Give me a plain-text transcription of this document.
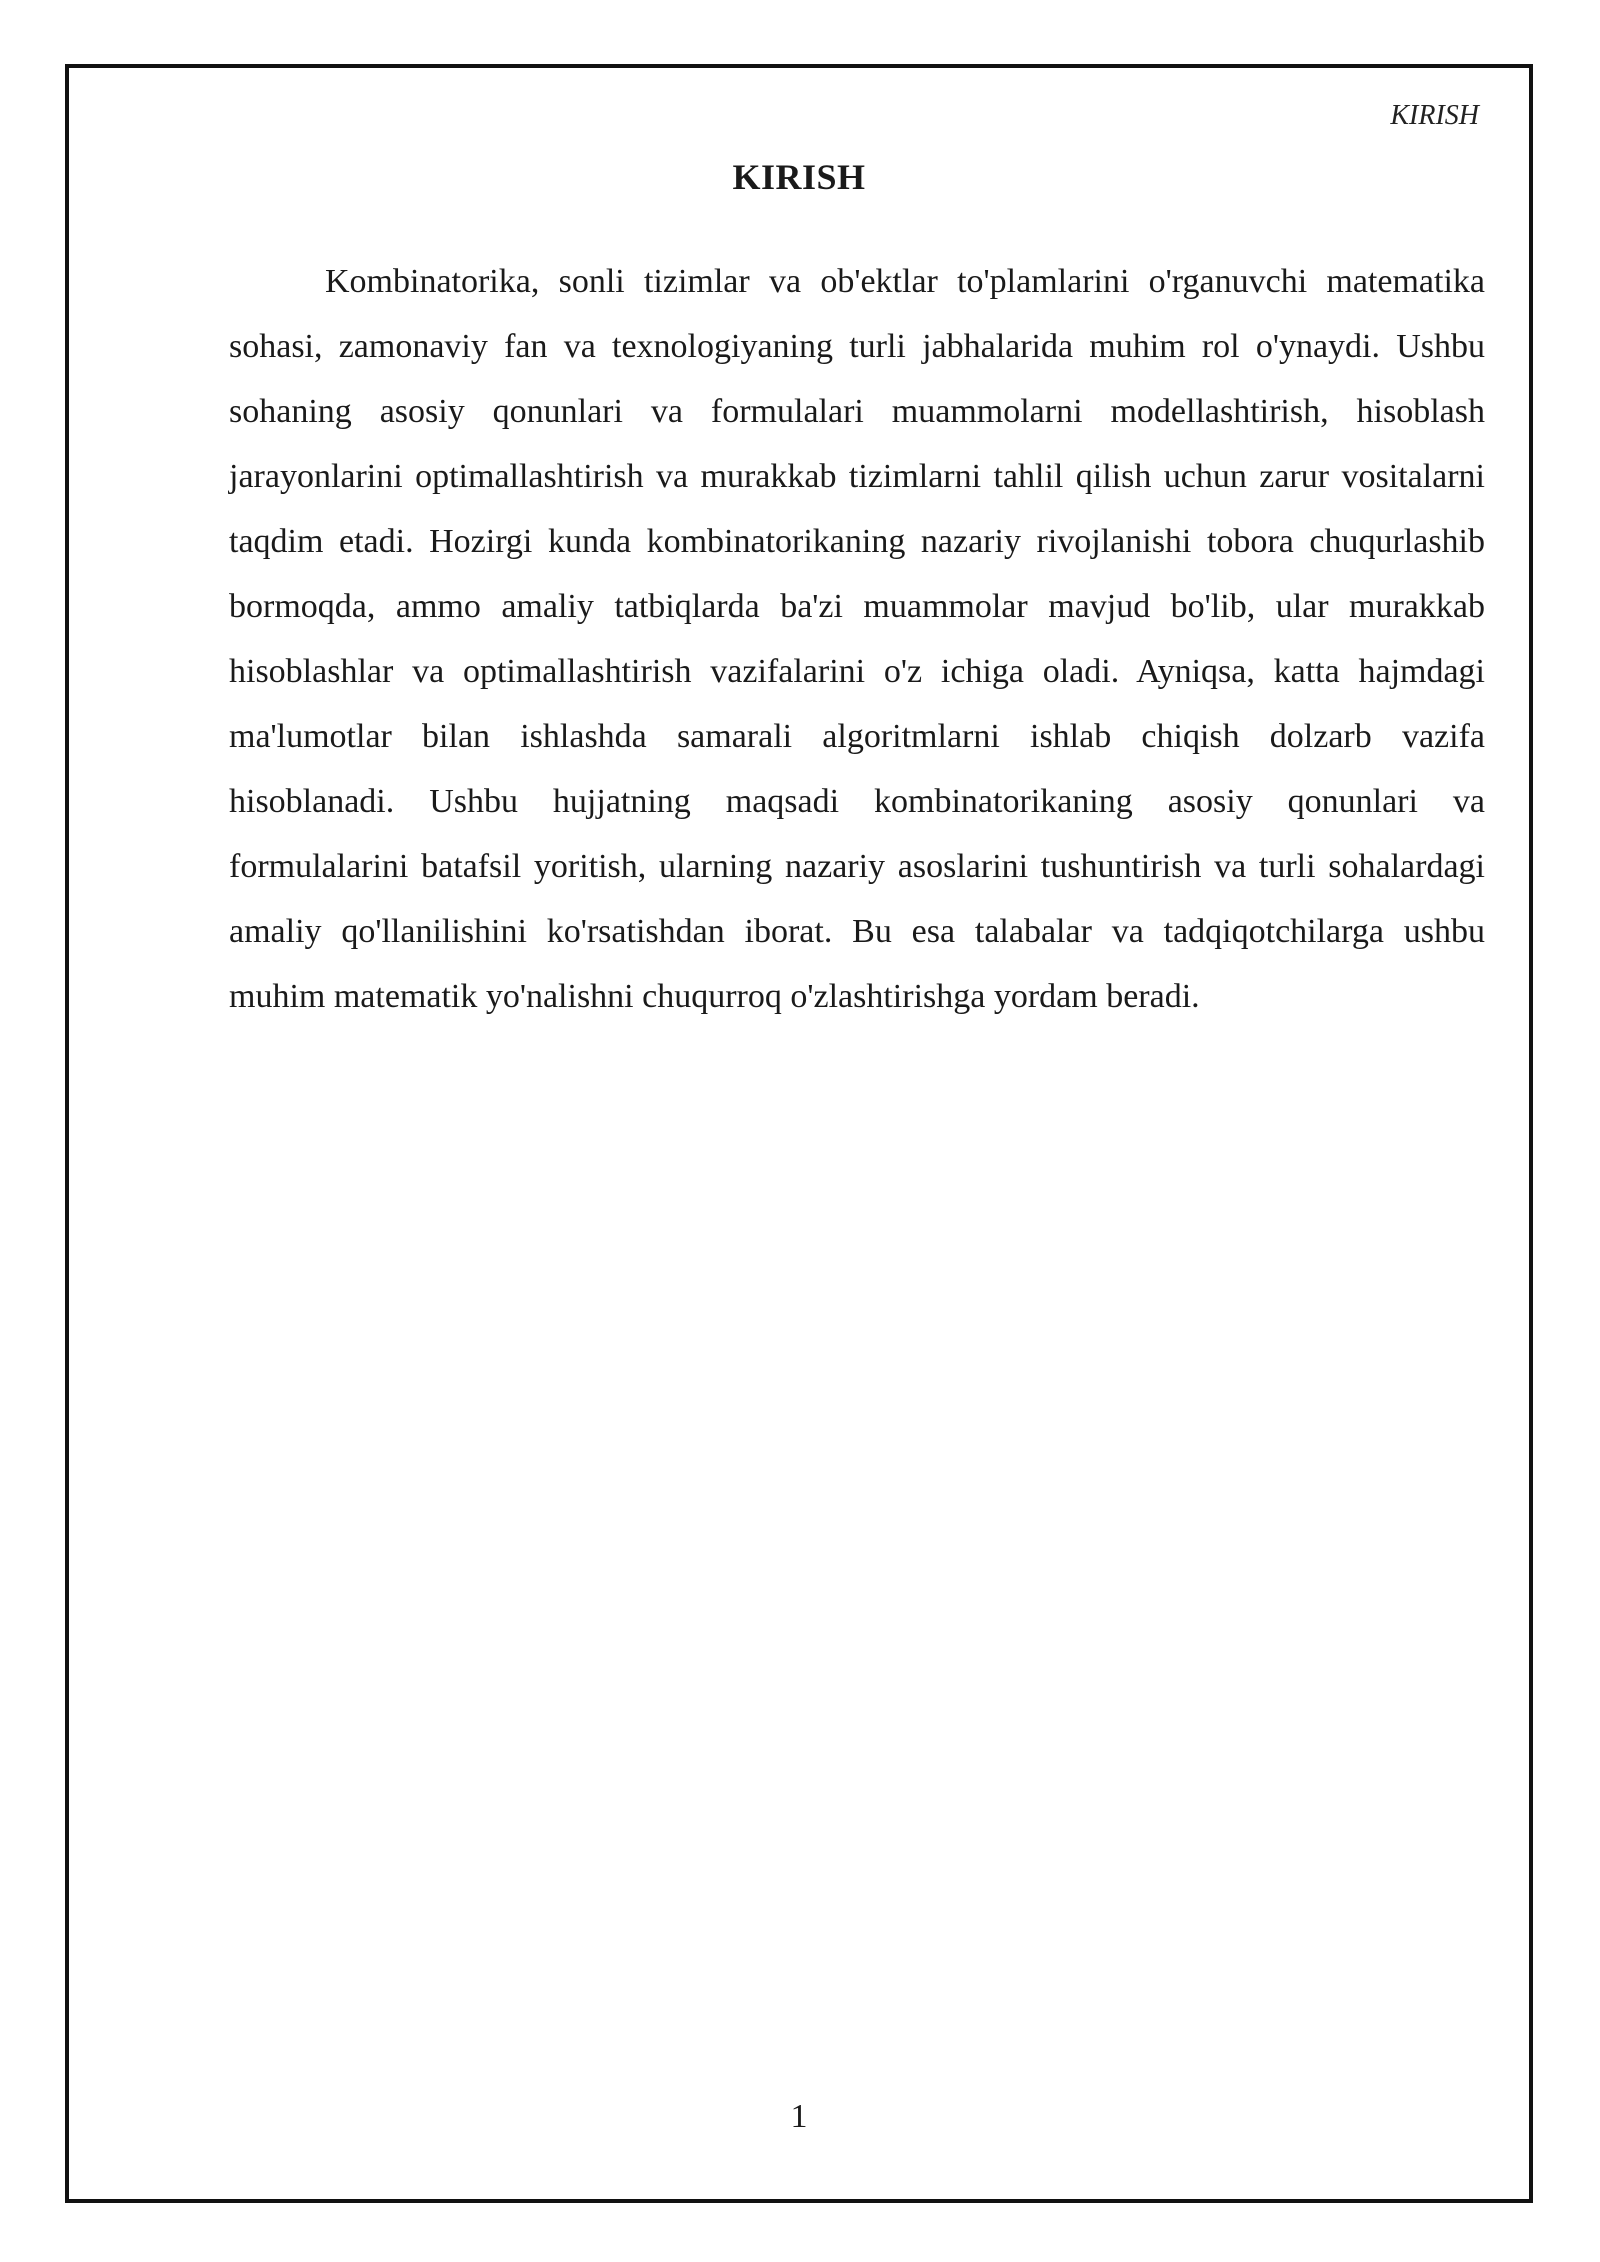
KIRISH
KIRISH

Kombinatorika, sonli tizimlar va ob'ektlar to'plamlarini o'rganuvchi matematika sohasi, zamonaviy fan va texnologiyaning turli jabhalarida muhim rol o'ynaydi. Ushbu sohaning asosiy qonunlari va formulalari muammolarni modellashtirish, hisoblash jarayonlarini optimallashtirish va murakkab tizimlarni tahlil qilish uchun zarur vositalarni taqdim etadi. Hozirgi kunda kombinatorikaning nazariy rivojlanishi tobora chuqurlashib bormoqda, ammo amaliy tatbiqlarda ba'zi muammolar mavjud bo'lib, ular murakkab hisoblashlar va optimallashtirish vazifalarini o'z ichiga oladi. Ayniqsa, katta hajmdagi ma'lumotlar bilan ishlashda samarali algoritmlarni ishlab chiqish dolzarb vazifa hisoblanadi. Ushbu hujjatning maqsadi kombinatorikaning asosiy qonunlari va formulalarini batafsil yoritish, ularning nazariy asoslarini tushuntirish va turli sohalardagi amaliy qo'llanilishini ko'rsatishdan iborat. Bu esa talabalar va tadqiqotchilarga ushbu muhim matematik yo'nalishni chuqurroq o'zlashtirishga yordam beradi.

1
